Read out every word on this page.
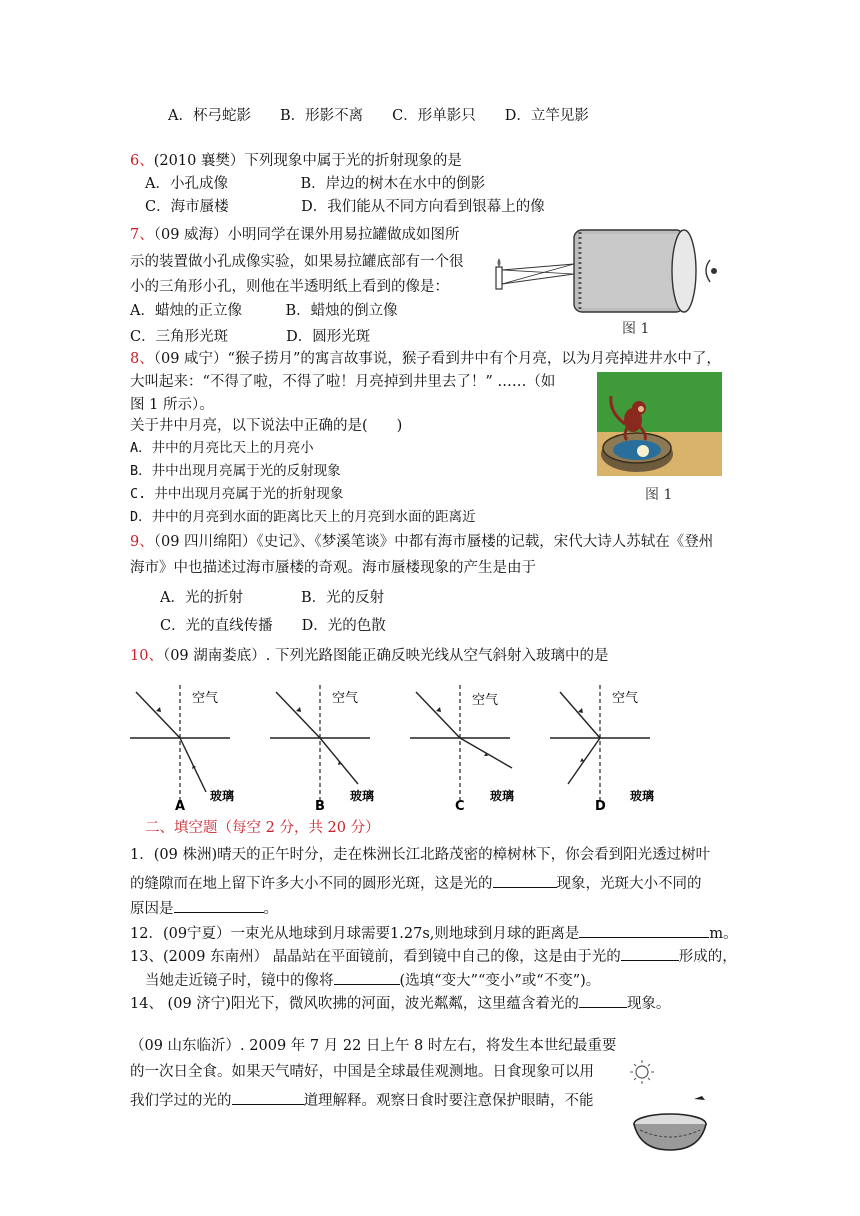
A．杯弓蛇影　　B．形影不离　　C．形单影只　　D．立竿见影
6、(2010 襄樊）下列现象中属于光的折射现象的是
A．小孔成像　　　　　B．岸边的树木在水中的倒影
C．海市蜃楼　　　　　D．我们能从不同方向看到银幕上的像
7、（09 威海）小明同学在课外用易拉罐做成如图所
示的装置做小孔成像实验，如果易拉罐底部有一个很
小的三角形小孔，则他在半透明纸上看到的像是：
A．蜡烛的正立像　　　B．蜡烛的倒立像
C．三角形光斑　　　　D．圆形光斑
8、（09 咸宁）“猴子捞月”的寓言故事说，猴子看到井中有个月亮，以为月亮掉进井水中了，
大叫起来：“不得了啦，不得了啦！月亮掉到井里去了！” ……（如
图 1 所示）。
关于井中月亮，以下说法中正确的是(　　)
A．井中的月亮比天上的月亮小
B．井中出现月亮属于光的反射现象
C. 井中出现月亮属于光的折射现象
D．井中的月亮到水面的距离比天上的月亮到水面的距离近
9、（09 四川绵阳）《史记》、《梦溪笔谈》中都有海市蜃楼的记载，宋代大诗人苏轼在《登州
海市》中也描述过海市蜃楼的奇观。海市蜃楼现象的产生是由于
A．光的折射　　　　B．光的反射
C．光的直线传播　　D．光的色散
10、（09 湖南娄底）. 下列光路图能正确反映光线从空气斜射入玻璃中的是
二、填空题（每空 2 分，共 20 分）
1．(09 株洲)晴天的正午时分，走在株洲长江北路茂密的樟树林下，你会看到阳光透过树叶
的缝隙而在地上留下许多大小不同的圆形光斑，这是光的	现象，光斑大小不同的
原因是	。
12．(09宁夏）一束光从地球到月球需要1.27s,则地球到月球的距离是	m。
13、(2009 东南州） 晶晶站在平面镜前，看到镜中自己的像，这是由于光的	形成的，
当她走近镜子时，镜中的像将	(选填“变大”“变小”或“不变”)。
14、 (09 济宁)阳光下，微风吹拂的河面，波光粼粼，这里蕴含着光的	现象。
（09 山东临沂）. 2009 年 7 月 22 日上午 8 时左右，将发生本世纪最重要
的一次日全食。如果天气晴好，中国是全球最佳观测地。日食现象可以用
我们学过的光的	道理解释。观察日食时要注意保护眼睛，不能
图 1
图 1
空气
玻璃
A
空气
玻璃
B
空气
玻璃
C
空气
玻璃
D
